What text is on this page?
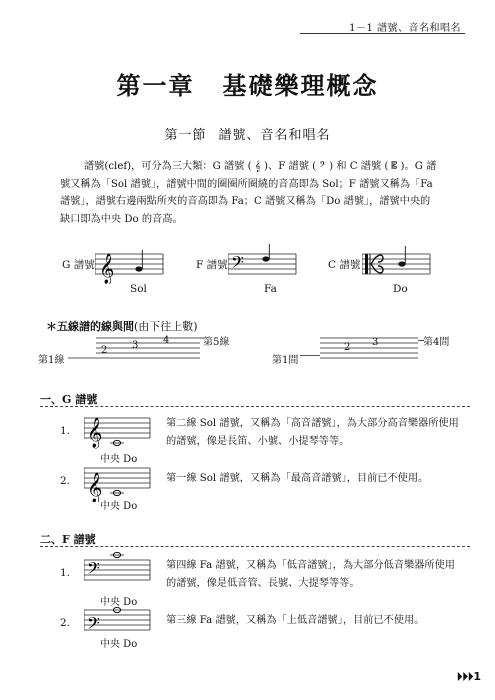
1－1 譜號、音名和唱名
第一章 基礎樂理概念
第一節 譜號、音名和唱名

譜號(clef)，可分為三大類：G 譜號 ( 𝄞 )、F 譜號 ( 𝄢 ) 和 C 譜號 ( 𝄡 )。G 譜號又稱為「Sol 譜號」，譜號中間的圈圈所圈繞的音高即為 Sol；F 譜號又稱為「Fa 譜號」，譜號右邊兩點所夾的音高即為 Fa；C 譜號又稱為「Do 譜號」，譜號中央的缺口即為中央 Do 的音高。

G 譜號 𝄞
Sol
F 譜號 𝄢
Fa
C 譜號
Do
＊五線譜的線與間(由下往上數)
第1線
第5線
2 3 4
第1間
第4間
2 3
一、G 譜號
1. 𝄞
中央 Do
第二線 Sol 譜號，又稱為「高音譜號」，為大部分高音樂器所使用的譜號，像是長笛、小號、小提琴等等。
2. 𝄞
中央 Do
第一線 Sol 譜號，又稱為「最高音譜號」，目前已不使用。
二、F 譜號
1. 𝄢
中央 Do
第四線 Fa 譜號，又稱為「低音譜號」，為大部分低音樂器所使用的譜號，像是低音管、長號、大提琴等等。
2. 𝄢
中央 Do
第三線 Fa 譜號，又稱為「上低音譜號」，目前已不使用。
⏵⏵⏵1
